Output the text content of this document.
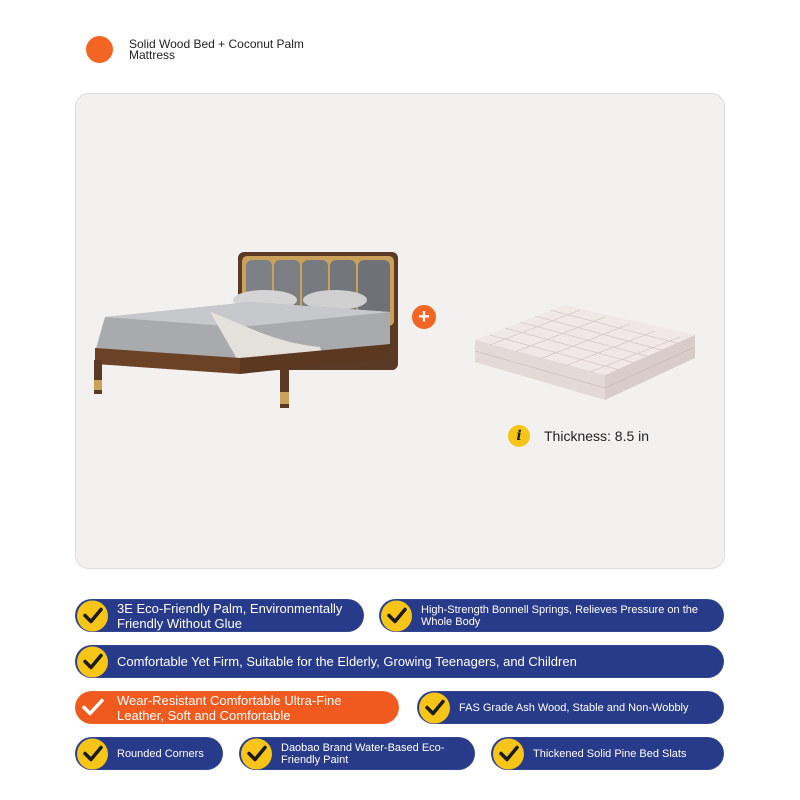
Solid Wood Bed + Coconut Palm Mattress
+
i	Thickness: 8.5 in
3E Eco-Friendly Palm, Environmentally Friendly Without Glue
High-Strength Bonnell Springs, Relieves Pressure on the Whole Body
Comfortable Yet Firm, Suitable for the Elderly, Growing Teenagers, and Children
Wear-Resistant Comfortable Ultra-Fine Leather, Soft and Comfortable	FAS Grade Ash Wood, Stable and Non-Wobbly
Rounded Corners	Daobao Brand Water-Based Eco-Friendly Paint	Thickened Solid Pine Bed Slats
